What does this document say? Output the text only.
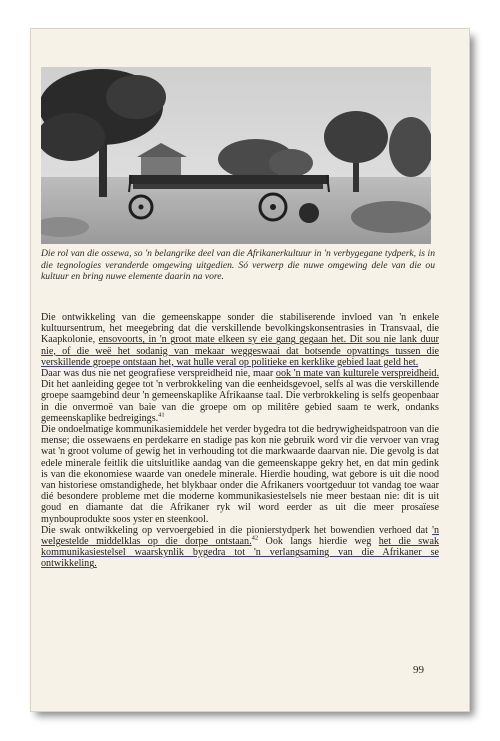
Die rol van die ossewa, so 'n belangrike deel van die Afrikanerkultuur in 'n verbygegane tydperk, is in die tegnologies veranderde omgewing uitgedien. Só verwerp die nuwe omgewing dele van die ou kultuur en bring nuwe elemente daarin na vore.

Die ontwikkeling van die gemeenskappe sonder die stabiliserende invloed van 'n enkele kultuursentrum, het meegebring dat die verskillende bevolkingskonsentrasies in Transvaal, die Kaapkolonie, ensovoorts, in 'n groot mate elkeen sy eie gang gegaan het. Dit sou nie lank duur nie, of die weë het sodanig van mekaar weggeswaai dat botsende opvattings tussen die verskillende groepe ontstaan het, wat hulle veral op politieke en kerklike gebied laat geld het.

Daar was dus nie net geografiese verspreidheid nie, maar ook 'n mate van kulturele verspreidheid. Dit het aanleiding gegee tot 'n verbrokkeling van die eenheidsgevoel, selfs al was die verskillende groepe saamgebind deur 'n gemeenskaplike Afrikaanse taal. Die verbrokkeling is selfs geopenbaar in die onvermoë van baie van die groepe om op militêre gebied saam te werk, ondanks gemeenskaplike bedreigings.$^{41}$

Die ondoelmatige kommunikasiemiddele het verder bygedra tot die bedrywigheidspatroon van die mense; die ossewaens en perdekarre en stadige pas kon nie gebruik word vir die vervoer van vrag wat 'n groot volume of gewig het in verhouding tot die markwaarde daarvan nie. Die gevolg is dat edele minerale feitlik die uitsluitlike aandag van die gemeenskappe gekry het, en dat min gedink is van die ekonomiese waarde van onedele minerale. Hierdie houding, wat gebore is uit die nood van historiese omstandighede, het blykbaar onder die Afrikaners voortgeduur tot vandag toe waar dié besondere probleme met die moderne kommunikasiestelsels nie meer bestaan nie: dit is uit goud en diamante dat die Afrikaner ryk wil word eerder as uit die meer prosaïese mynbouprodukte soos yster en steenkool.

Die swak ontwikkeling op vervoergebied in die pionierstydperk het bowendien verhoed dat 'n welgestelde middelklas op die dorpe ontstaan.$^{42}$ Ook langs hierdie weg het die swak kommunikasiestelsel waarskynlik bygedra tot 'n verlangsaming van die Afrikaner se ontwikkeling.

99
